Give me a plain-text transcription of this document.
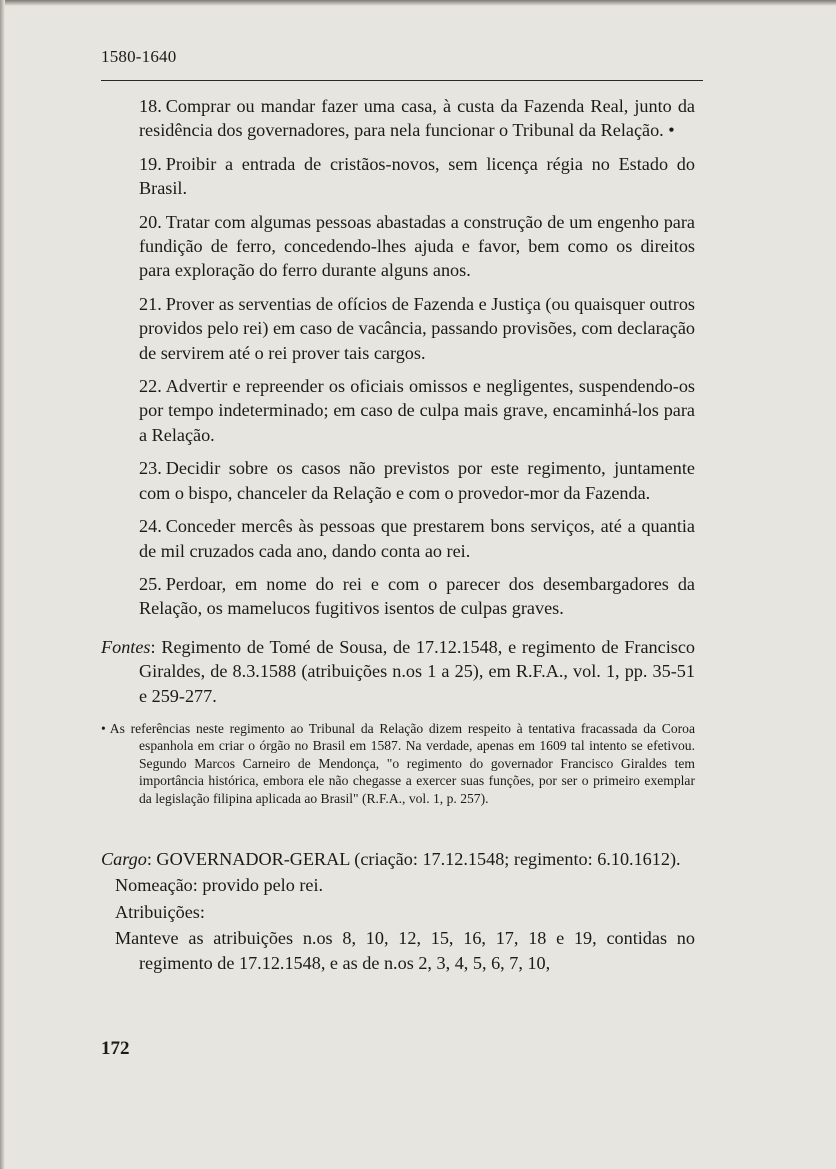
1580-1640

18. Comprar ou mandar fazer uma casa, à custa da Fazenda Real, junto da residência dos governadores, para nela funcionar o Tribunal da Relação. •

19. Proibir a entrada de cristãos-novos, sem licença régia no Estado do Brasil.

20. Tratar com algumas pessoas abastadas a construção de um engenho para fundição de ferro, concedendo-lhes ajuda e favor, bem como os direitos para exploração do ferro durante alguns anos.

21. Prover as serventias de ofícios de Fazenda e Justiça (ou quaisquer outros providos pelo rei) em caso de vacância, passando provisões, com declaração de servirem até o rei prover tais cargos.

22. Advertir e repreender os oficiais omissos e negligentes, suspendendo-os por tempo indeterminado; em caso de culpa mais grave, encaminhá-los para a Relação.

23. Decidir sobre os casos não previstos por este regimento, juntamente com o bispo, chanceler da Relação e com o provedor-mor da Fazenda.

24. Conceder mercês às pessoas que prestarem bons serviços, até a quantia de mil cruzados cada ano, dando conta ao rei.

25. Perdoar, em nome do rei e com o parecer dos desembargadores da Relação, os mamelucos fugitivos isentos de culpas graves.

Fontes: Regimento de Tomé de Sousa, de 17.12.1548, e regimento de Francisco Giraldes, de 8.3.1588 (atribuições n.os 1 a 25), em R.F.A., vol. 1, pp. 35-51 e 259-277.

• As referências neste regimento ao Tribunal da Relação dizem respeito à tentativa fracassada da Coroa espanhola em criar o órgão no Brasil em 1587. Na verdade, apenas em 1609 tal intento se efetivou. Segundo Marcos Carneiro de Mendonça, "o regimento do governador Francisco Giraldes tem importância histórica, embora ele não chegasse a exercer suas funções, por ser o primeiro exemplar da legislação filipina aplicada ao Brasil" (R.F.A., vol. 1, p. 257).

Cargo: GOVERNADOR-GERAL (criação: 17.12.1548; regimento: 6.10.1612).

Nomeação: provido pelo rei.

Atribuições:

Manteve as atribuições n.os 8, 10, 12, 15, 16, 17, 18 e 19, contidas no regimento de 17.12.1548, e as de n.os 2, 3, 4, 5, 6, 7, 10,

172
